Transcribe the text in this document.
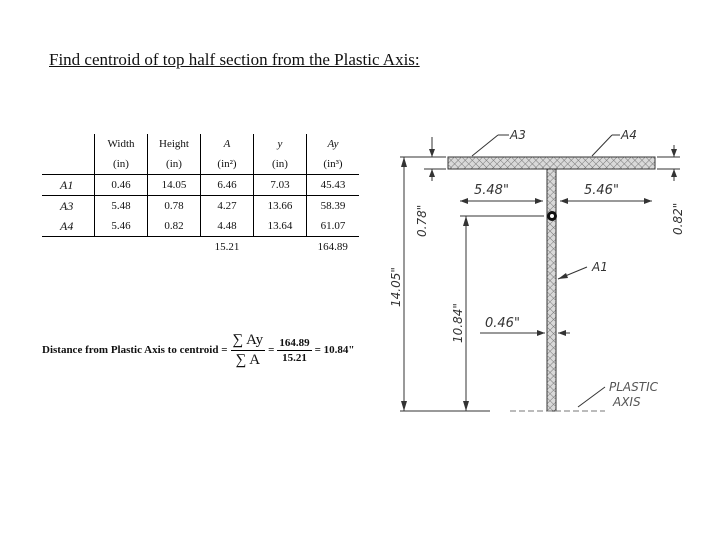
Find centroid of top half section from the Plastic Axis:
	Width	Height	A	y	Ay
	(in)	(in)	(in²)	(in)	(in³)
A1	0.46	14.05	6.46	7.03	45.43
A3	5.48	0.78	4.27	13.66	58.39
A4	5.46	0.82	4.48	13.64	61.07
			15.21		164.89
Distance from Plastic Axis to centroid = $\frac{\sum Ay}{\sum A} = \frac{164.89}{15.21} = 10.84$"
A3	A4
14.05"
0.78"	0.82"
5.48"	5.46"
10.84" 0.46"
A1
PLASTIC
AXIS
